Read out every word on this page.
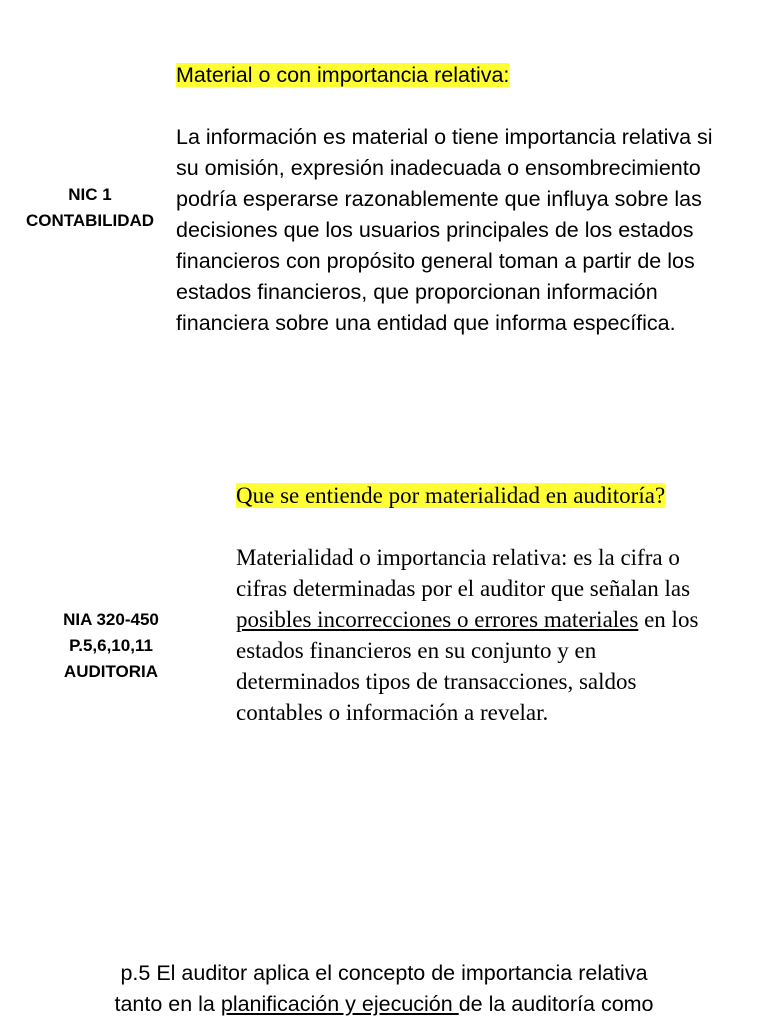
NIC 1
CONTABILIDAD
NIA 320-450
P.5,6,10,11
AUDITORIA

Material o con importancia relativa:

La información es material o tiene importancia relativa si su omisión, expresión inadecuada o ensombrecimiento podría esperarse razonablemente que influya sobre las decisiones que los usuarios principales de los estados financieros con propósito general toman a partir de los estados financieros, que proporcionan información financiera sobre una entidad que informa específica.

Que se entiende por materialidad en auditoría?

Materialidad o importancia relativa: es la cifra o cifras determinadas por el auditor que señalan las posibles incorrecciones o errores materiales en los estados financieros en su conjunto y en determinados tipos de transacciones, saldos contables o información a revelar.

p.5 El auditor aplica el concepto de importancia relativa

tanto en la planificación y ejecución de la auditoría como
